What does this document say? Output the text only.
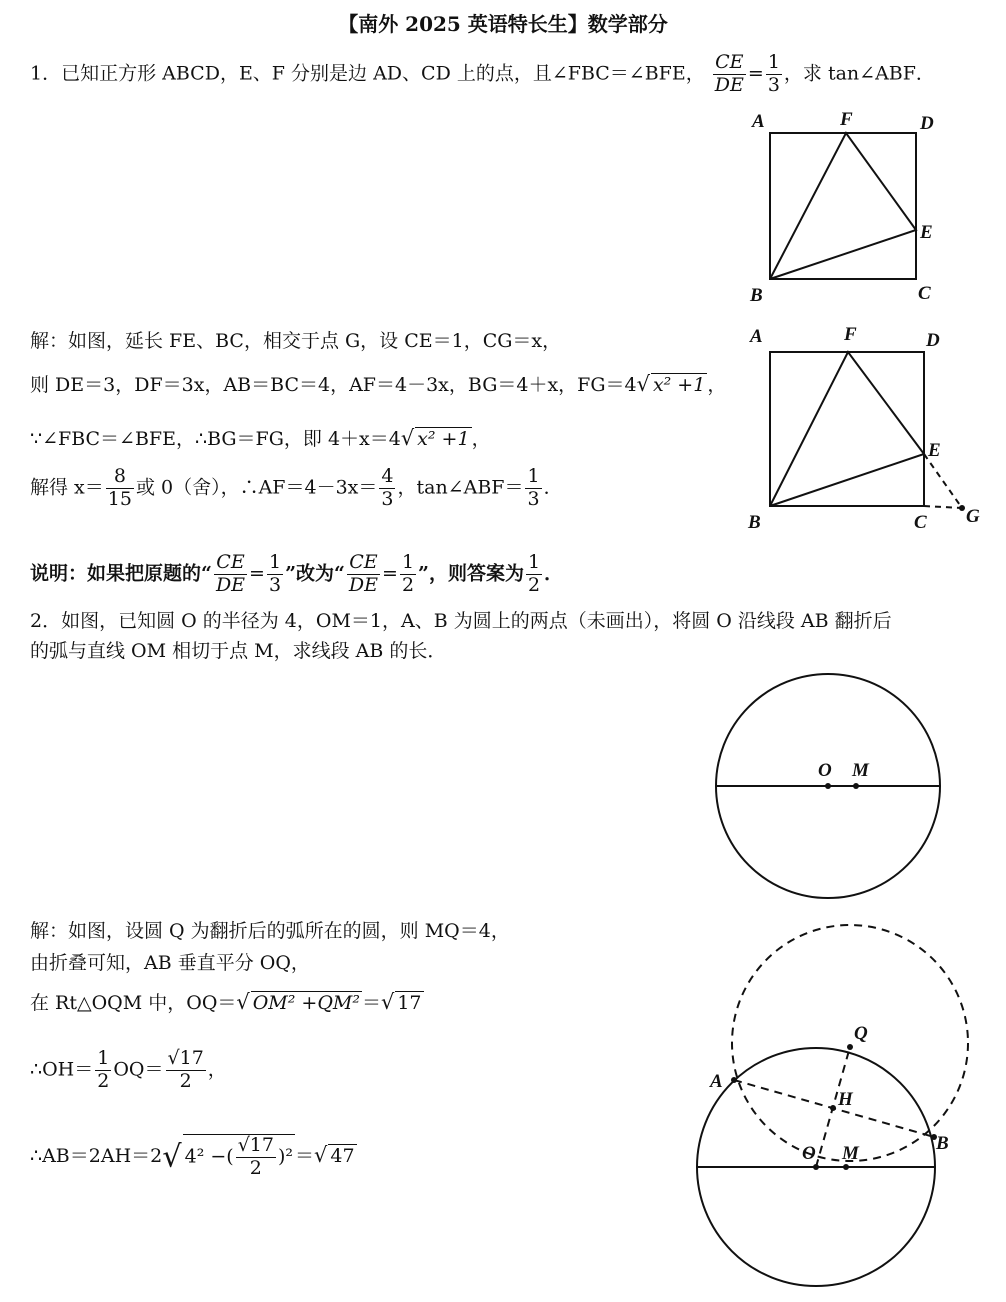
【南外 2025 英语特长生】数学部分
1．已知正方形 ABCD，E、F 分别是边 AD、CD 上的点，且∠FBC＝∠BFE， $\frac{CE}{DE} = \frac{1}{3}$ ，求 tan∠ABF．
A	F	D
E
B	C
解：如图，延长 FE、BC，相交于点 G，设 CE＝1，CG＝x，
则 DE＝3，DF＝3x，AB＝BC＝4，AF＝4－3x，BG＝4＋x，FG＝4√ x² +1 ，
∵∠FBC＝∠BFE，∴BG＝FG，即 4＋x＝4√ x² +1 ，
解得 $x= \frac{8}{15}$ 或 0（舍），∴AF＝4－3x＝ $\frac{4}{3}$ ，tan∠ABF＝ $\frac{1}{3}$ ．
A	F	D
E
B	C G
说明：如果把原题的“ $\frac{CE}{DE} = \frac{1}{3}$ ”改为“ $\frac{CE}{DE} = \frac{1}{2}$ ”，则答案为 $\frac{1}{2}$ ．
2．如图，已知圆 O 的半径为 4，OM＝1，A、B 为圆上的两点（未画出），将圆 O 沿线段 AB 翻折后
的弧与直线 OM 相切于点 M，求线段 AB 的长．
O M
解：如图，设圆 Q 为翻折后的弧所在的圆，则 MQ＝4，
由折叠可知，AB 垂直平分 OQ，
在 Rt△OQM 中，OQ＝√ OM² +QM² ＝√ 17
∴OH＝ $\frac{1}{2} OQ= \frac{√17}{2}$ ，
∴AB＝2AH＝2√ 4² −( $\frac{√17}{2} )^2$ ＝√ 47
Q
A
H
B
O M
